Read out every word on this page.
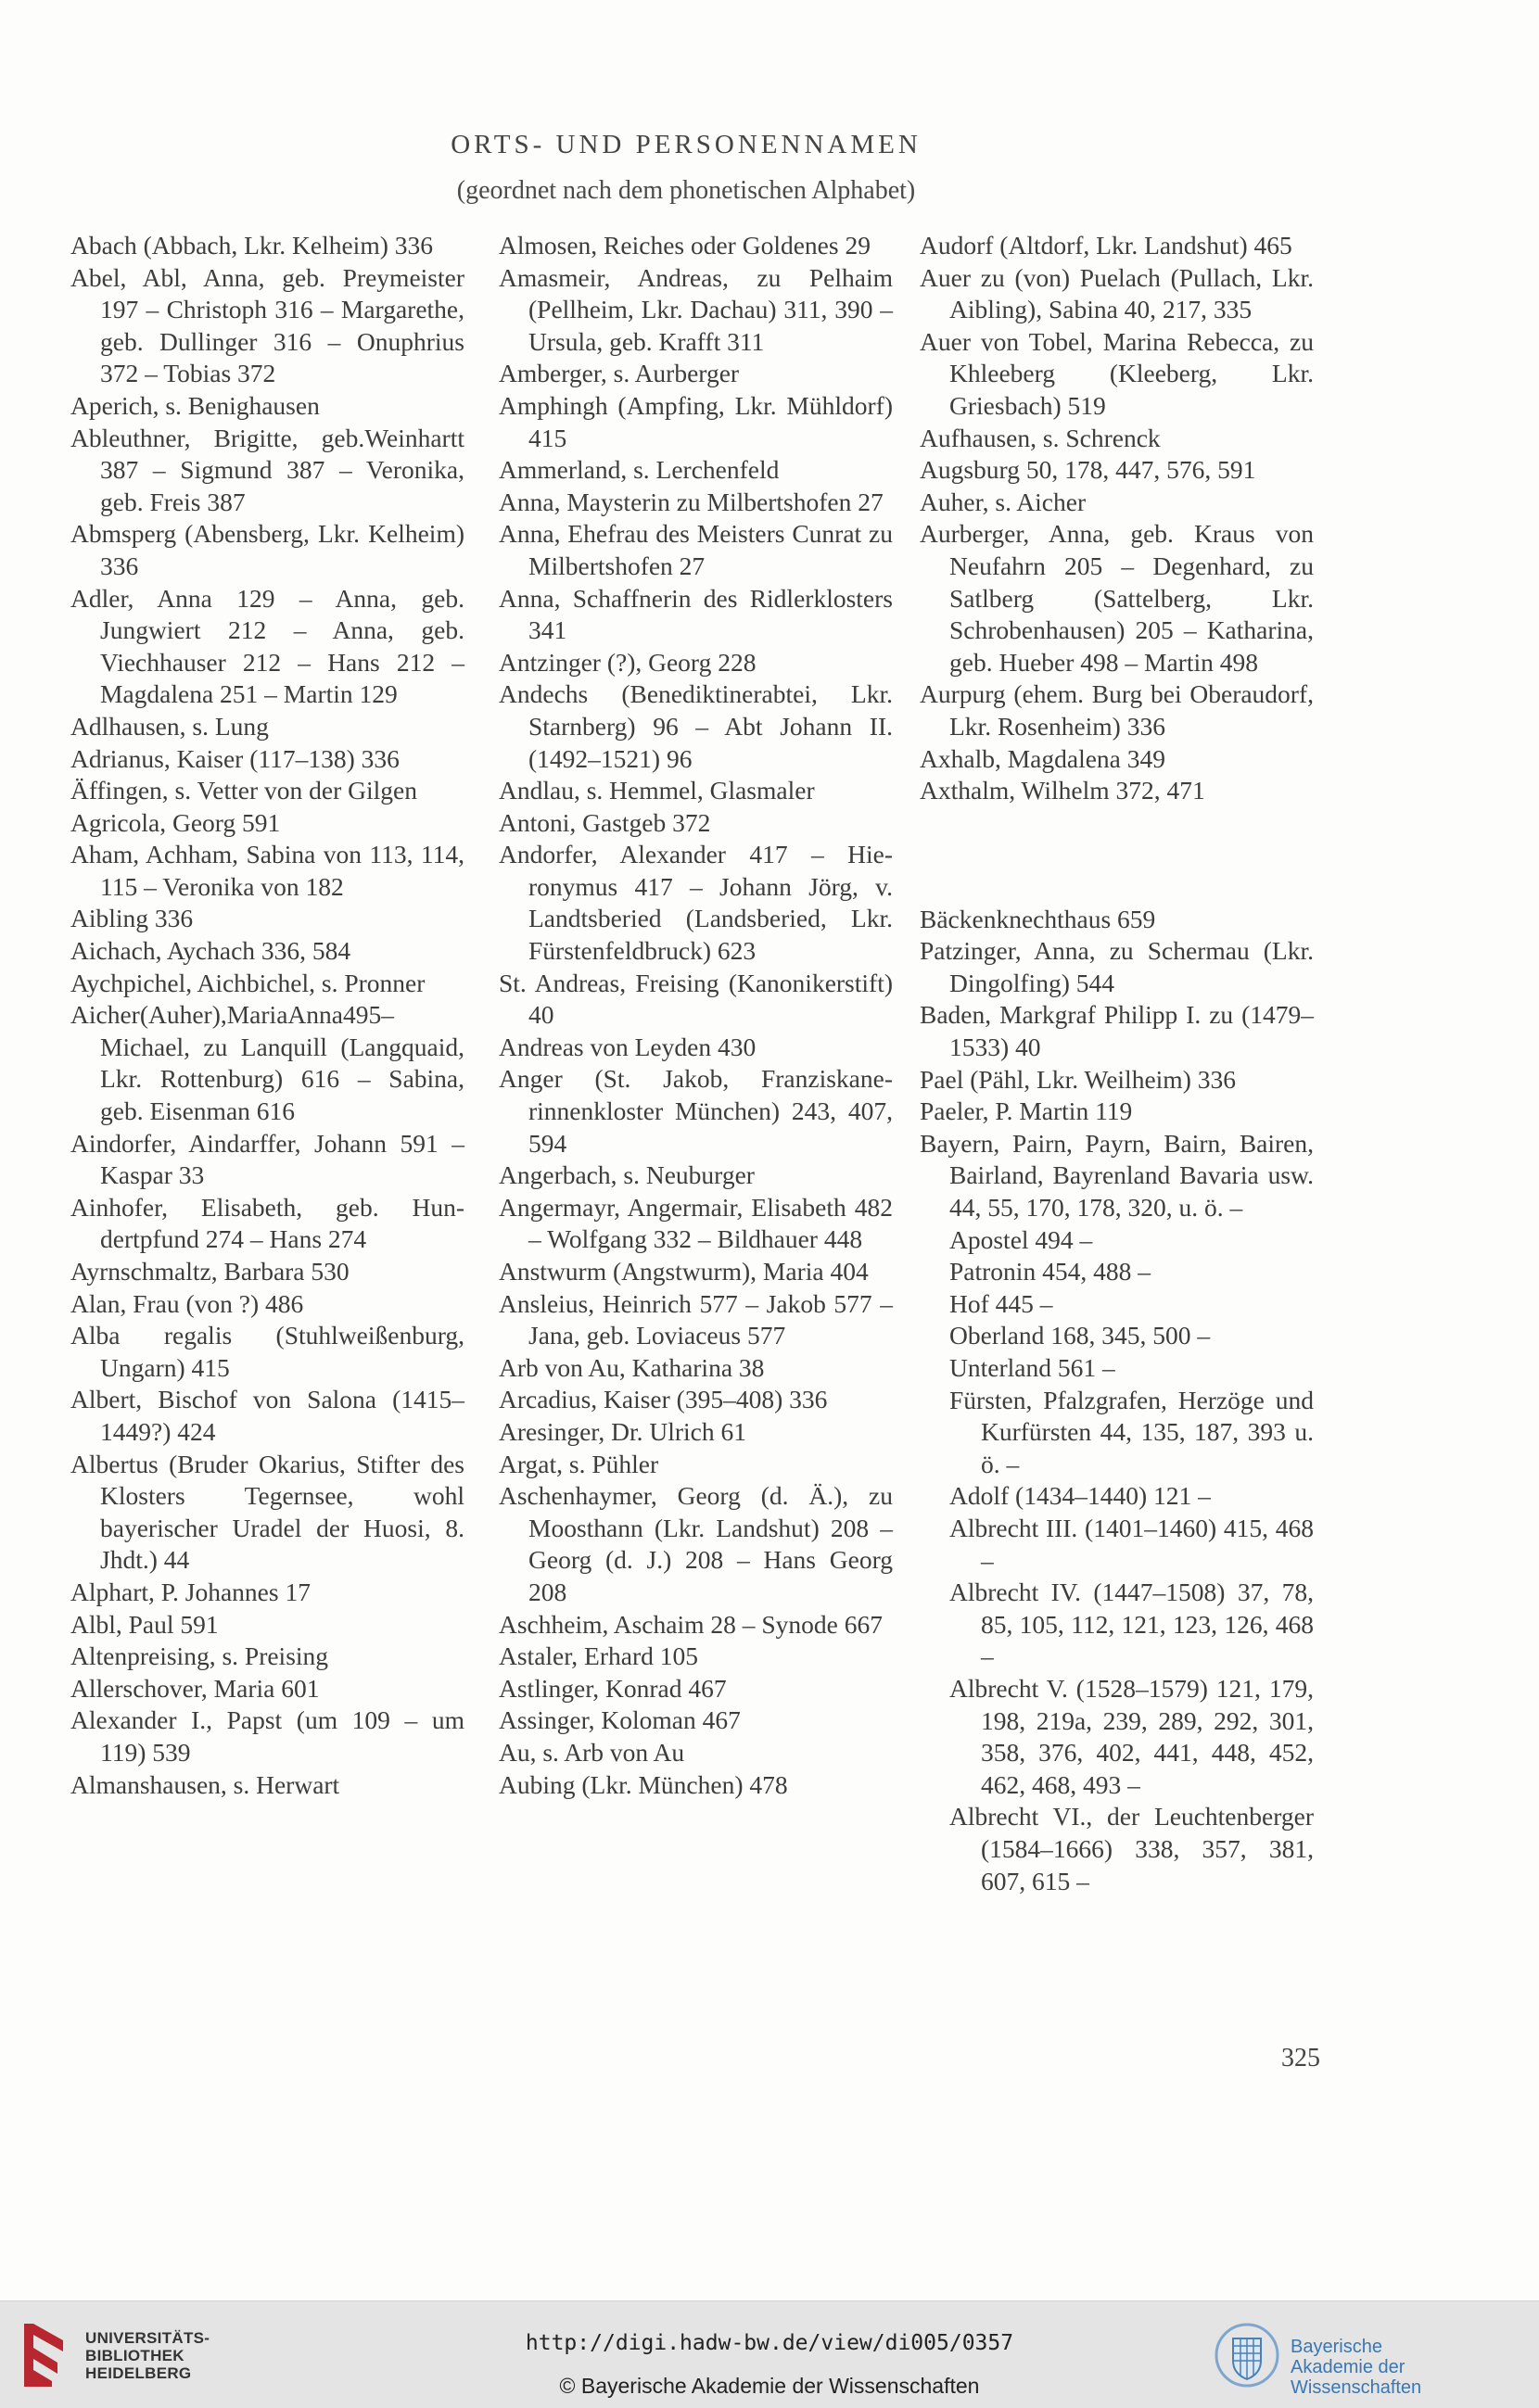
ORTS- UND PERSONENNAMEN
(geordnet nach dem phonetischen Alphabet)
Abach (Abbach, Lkr. Kelheim) 336
Abel, Abl, Anna, geb. Preymeister 197 – Christoph 316 – Margarethe, geb. Dullinger 316 – Onuphrius 372 – Tobias 372
Aperich, s. Benighausen
Ableuthner, Brigitte, geb.Weinhartt 387 – Sigmund 387 – Veronika, geb. Freis 387
Abmsperg (Abensberg, Lkr. Kelheim) 336
Adler, Anna 129 – Anna, geb. Jungwiert 212 – Anna, geb. Viechhauser 212 – Hans 212 – Magdalena 251 – Martin 129
Adlhausen, s. Lung
Adrianus, Kaiser (117–138) 336
Äffingen, s. Vetter von der Gilgen
Agricola, Georg 591
Aham, Achham, Sabina von 113, 114, 115 – Veronika von 182
Aibling 336
Aichach, Aychach 336, 584
Aychpichel, Aichbichel, s. Pronner
Aicher(Auher),MariaAnna495– Michael, zu Lanquill (Langquaid, Lkr. Rottenburg) 616 – Sabina, geb. Eisenman 616
Aindorfer, Aindarffer, Johann 591 – Kaspar 33
Ainhofer, Elisabeth, geb. Hundertpfund 274 – Hans 274
Ayrnschmaltz, Barbara 530
Alan, Frau (von ?) 486
Alba regalis (Stuhlweißenburg, Ungarn) 415
Albert, Bischof von Salona (1415–1449?) 424
Albertus (Bruder Okarius, Stifter des Klosters Tegernsee, wohl bayerischer Uradel der Huosi, 8. Jhdt.) 44
Alphart, P. Johannes 17
Albl, Paul 591
Altenpreising, s. Preising
Allerschover, Maria 601
Alexander I., Papst (um 109 – um 119) 539
Almanshausen, s. Herwart
Almosen, Reiches oder Goldenes 29
Amasmeir, Andreas, zu Pelhaim (Pellheim, Lkr. Dachau) 311, 390 – Ursula, geb. Krafft 311
Amberger, s. Aurberger
Amphingh (Ampfing, Lkr. Mühldorf) 415
Ammerland, s. Lerchenfeld
Anna, Maysterin zu Milbertshofen 27
Anna, Ehefrau des Meisters Cunrat zu Milbertshofen 27
Anna, Schaffnerin des Ridlerklosters 341
Antzinger (?), Georg 228
Andechs (Benediktinerabtei, Lkr. Starnberg) 96 – Abt Johann II. (1492–1521) 96
Andlau, s. Hemmel, Glasmaler
Antoni, Gastgeb 372
Andorfer, Alexander 417 – Hieronymus 417 – Johann Jörg, v. Landtsberied (Landsberied, Lkr. Fürstenfeldbruck) 623
St. Andreas, Freising (Kanonikerstift) 40
Andreas von Leyden 430
Anger (St. Jakob, Franziskanerinnenkloster München) 243, 407, 594
Angerbach, s. Neuburger
Angermayr, Angermair, Elisabeth 482 – Wolfgang 332 – Bildhauer 448
Anstwurm (Angstwurm), Maria 404
Ansleius, Heinrich 577 – Jakob 577 – Jana, geb. Loviaceus 577
Arb von Au, Katharina 38
Arcadius, Kaiser (395–408) 336
Aresinger, Dr. Ulrich 61
Argat, s. Pühler
Aschenhaymer, Georg (d. Ä.), zu Moosthann (Lkr. Landshut) 208 – Georg (d. J.) 208 – Hans Georg 208
Aschheim, Aschaim 28 – Synode 667
Astaler, Erhard 105
Astlinger, Konrad 467
Assinger, Koloman 467
Au, s. Arb von Au
Aubing (Lkr. München) 478
Audorf (Altdorf, Lkr. Landshut) 465
Auer zu (von) Puelach (Pullach, Lkr. Aibling), Sabina 40, 217, 335
Auer von Tobel, Marina Rebecca, zu Khleeberg (Kleeberg, Lkr. Griesbach) 519
Aufhausen, s. Schrenck
Augsburg 50, 178, 447, 576, 591
Auher, s. Aicher
Aurberger, Anna, geb. Kraus von Neufahrn 205 – Degenhard, zu Satlberg (Sattelberg, Lkr. Schrobenhausen) 205 – Katharina, geb. Hueber 498 – Martin 498
Aurpurg (ehem. Burg bei Oberaudorf, Lkr. Rosenheim) 336
Axhalb, Magdalena 349
Axthalm, Wilhelm 372, 471
Bäckenknechthaus 659
Patzinger, Anna, zu Schermau (Lkr. Dingolfing) 544
Baden, Markgraf Philipp I. zu (1479–1533) 40
Pael (Pähl, Lkr. Weilheim) 336
Paeler, P. Martin 119
Bayern, Pairn, Payrn, Bairn, Bairen, Bairland, Bayrenland Bavaria usw. 44, 55, 170, 178, 320, u. ö. –
Apostel 494 –
Patronin 454, 488 –
Hof 445 –
Oberland 168, 345, 500 –
Unterland 561 –
Fürsten, Pfalzgrafen, Herzöge und Kurfürsten 44, 135, 187, 393 u. ö. –
Adolf (1434–1440) 121 –
Albrecht III. (1401–1460) 415, 468 –
Albrecht IV. (1447–1508) 37, 78, 85, 105, 112, 121, 123, 126, 468 –
Albrecht V. (1528–1579) 121, 179, 198, 219a, 239, 289, 292, 301, 358, 376, 402, 441, 448, 452, 462, 468, 493 –
Albrecht VI., der Leuchtenberger (1584–1666) 338, 357, 381, 607, 615 –
325
UNIVERSITÄTS-
BIBLIOTHEK
HEIDELBERG
http://digi.hadw-bw.de/view/di005/0357
© Bayerische Akademie der Wissenschaften
Bayerische
Akademie der Wissenschaften
